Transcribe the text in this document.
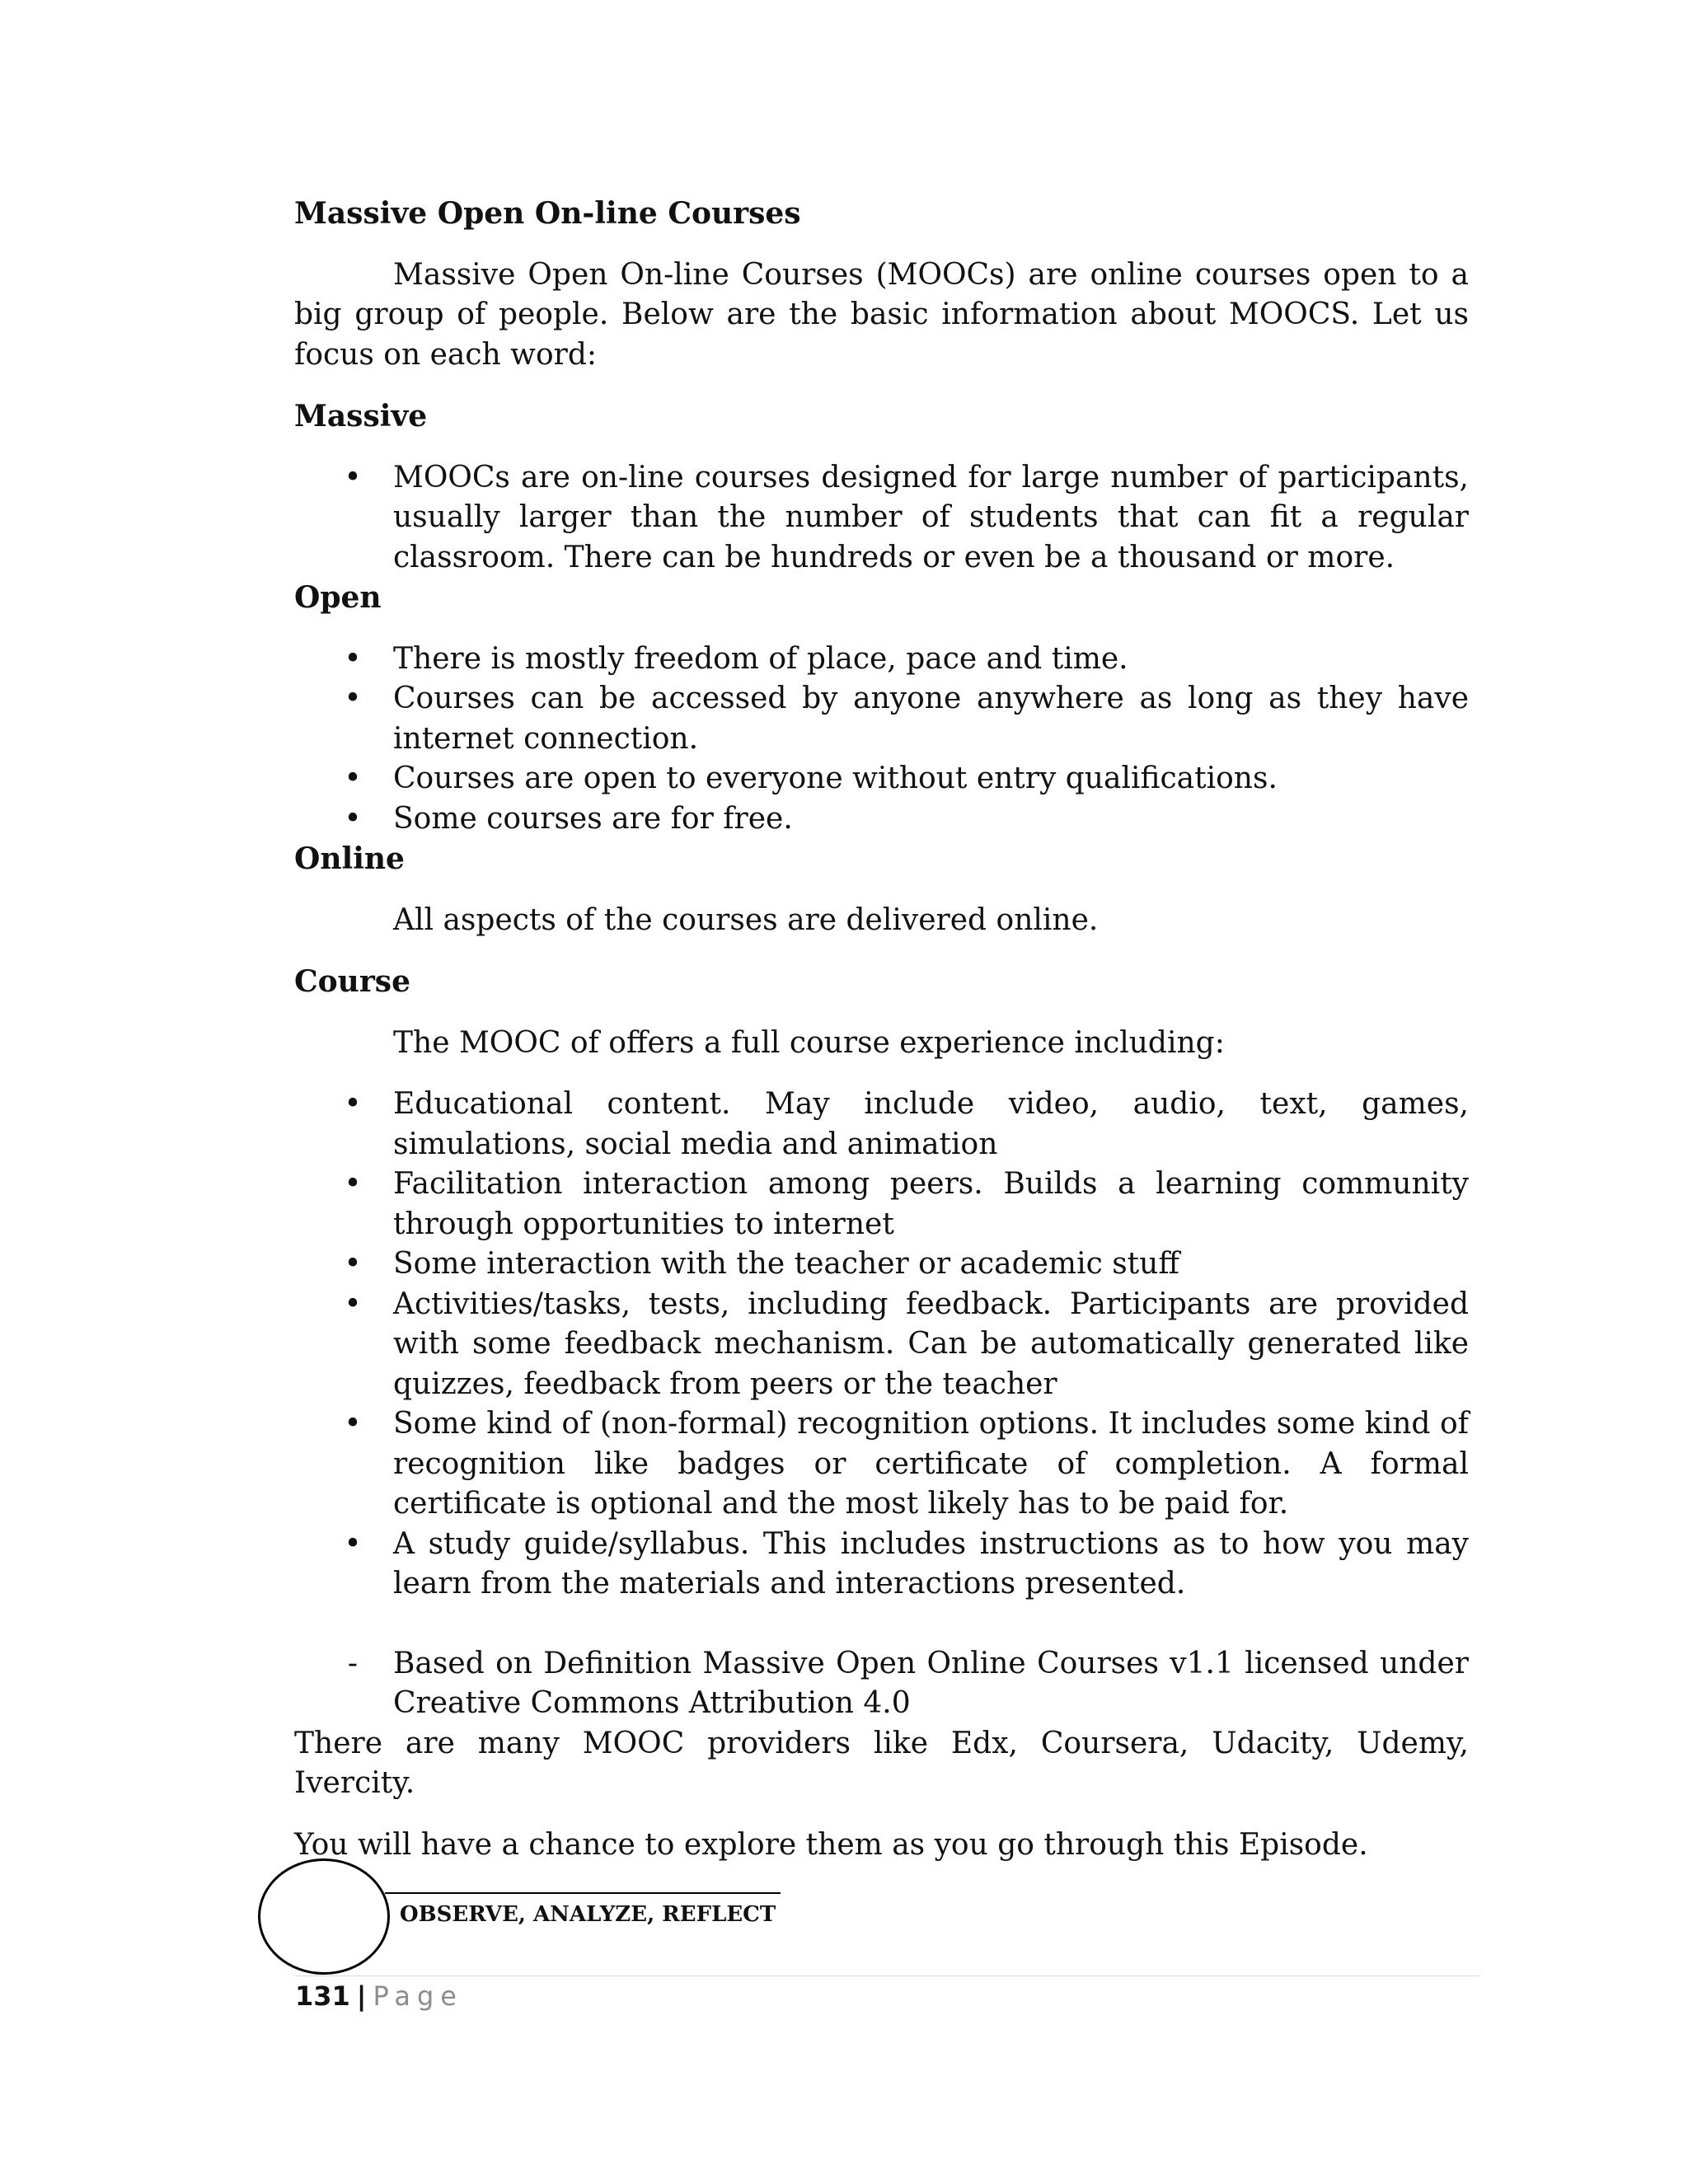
Massive Open On-line Courses

Massive Open On-line Courses (MOOCs) are online courses open to a big group of people. Below are the basic information about MOOCS. Let us focus on each word:

Massive

• MOOCs are on-line courses designed for large number of participants, usually larger than the number of students that can fit a regular classroom. There can be hundreds or even be a thousand or more.

Open

• There is mostly freedom of place, pace and time.
• Courses can be accessed by anyone anywhere as long as they have internet connection.
• Courses are open to everyone without entry qualifications.
• Some courses are for free.

Online

All aspects of the courses are delivered online.

Course

The MOOC of offers a full course experience including:

• Educational content. May include video, audio, text, games, simulations, social media and animation
• Facilitation interaction among peers. Builds a learning community through opportunities to internet
• Some interaction with the teacher or academic stuff
• Activities/tasks, tests, including feedback. Participants are provided with some feedback mechanism. Can be automatically generated like quizzes, feedback from peers or the teacher
• Some kind of (non-formal) recognition options. It includes some kind of recognition like badges or certificate of completion. A formal certificate is optional and the most likely has to be paid for.
• A study guide/syllabus. This includes instructions as to how you may learn from the materials and interactions presented.
- Based on Definition Massive Open Online Courses v1.1 licensed under Creative Commons Attribution 4.0

There are many MOOC providers like Edx, Coursera, Udacity, Udemy, Ivercity.

You will have a chance to explore them as you go through this Episode.

OBSERVE, ANALYZE, REFLECT
131 | Page
